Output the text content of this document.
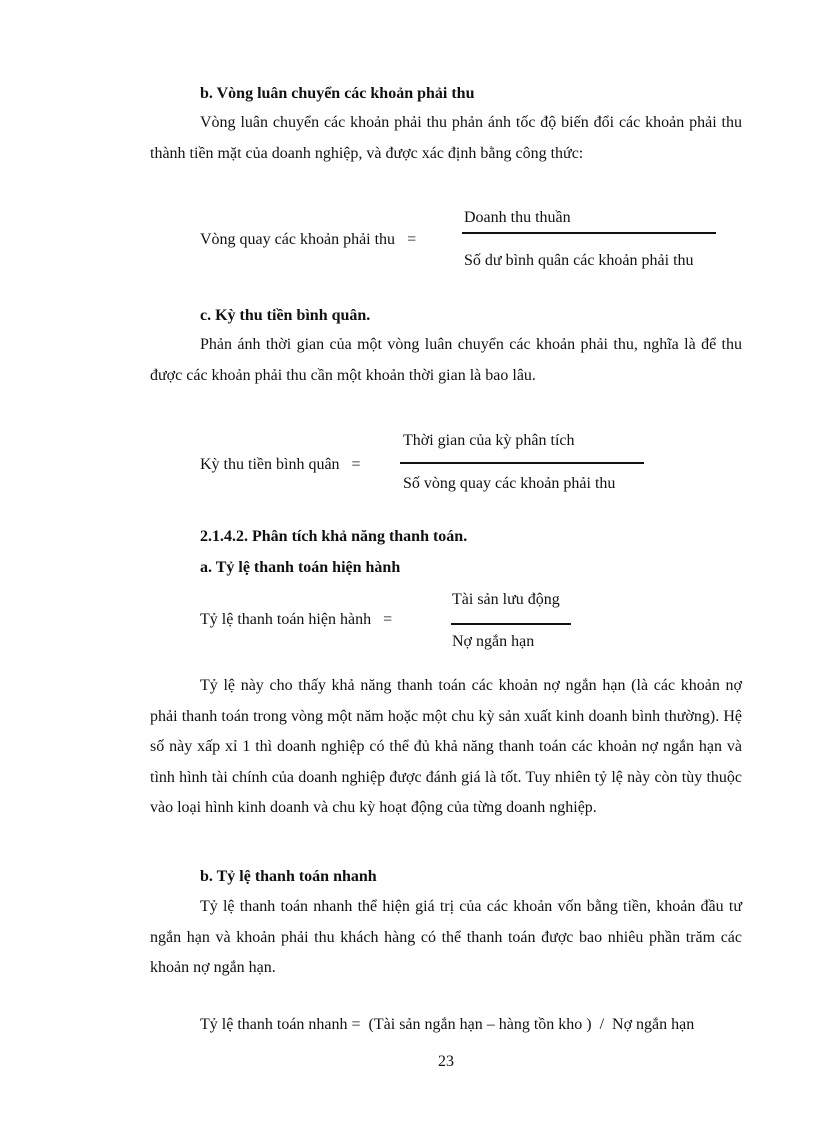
b. Vòng luân chuyển các khoản phải thu

Vòng luân chuyển các khoản phải thu phản ánh tốc độ biến đổi các khoản phải thu thành tiền mặt của doanh nghiệp, và được xác định bằng công thức:

Vòng quay các khoản phải thu =
Doanh thu thuần
Số dư bình quân các khoản phải thu
c. Kỳ thu tiền bình quân.

Phản ánh thời gian của một vòng luân chuyển các khoản phải thu, nghĩa là để thu được các khoản phải thu cần một khoản thời gian là bao lâu.

Kỳ thu tiền bình quân =
Thời gian của kỳ phân tích
Số vòng quay các khoản phải thu
2.1.4.2. Phân tích khả năng thanh toán.
a. Tỷ lệ thanh toán hiện hành
Tỷ lệ thanh toán hiện hành =
Tài sản lưu động
Nợ ngắn hạn

Tỷ lệ này cho thấy khả năng thanh toán các khoản nợ ngắn hạn (là các khoản nợ phải thanh toán trong vòng một năm hoặc một chu kỳ sản xuất kinh doanh bình thường). Hệ số này xấp xỉ 1 thì doanh nghiệp có thể đủ khả năng thanh toán các khoản nợ ngắn hạn và tình hình tài chính của doanh nghiệp được đánh giá là tốt. Tuy nhiên tỷ lệ này còn tùy thuộc vào loại hình kinh doanh và chu kỳ hoạt động của từng doanh nghiệp.

b. Tỷ lệ thanh toán nhanh

Tỷ lệ thanh toán nhanh thể hiện giá trị của các khoản vốn bằng tiền, khoản đầu tư ngắn hạn và khoản phải thu khách hàng có thể thanh toán được bao nhiêu phần trăm các khoản nợ ngắn hạn.

Tỷ lệ thanh toán nhanh =  (Tài sản ngắn hạn – hàng tồn kho )  /  Nợ ngắn hạn
23
